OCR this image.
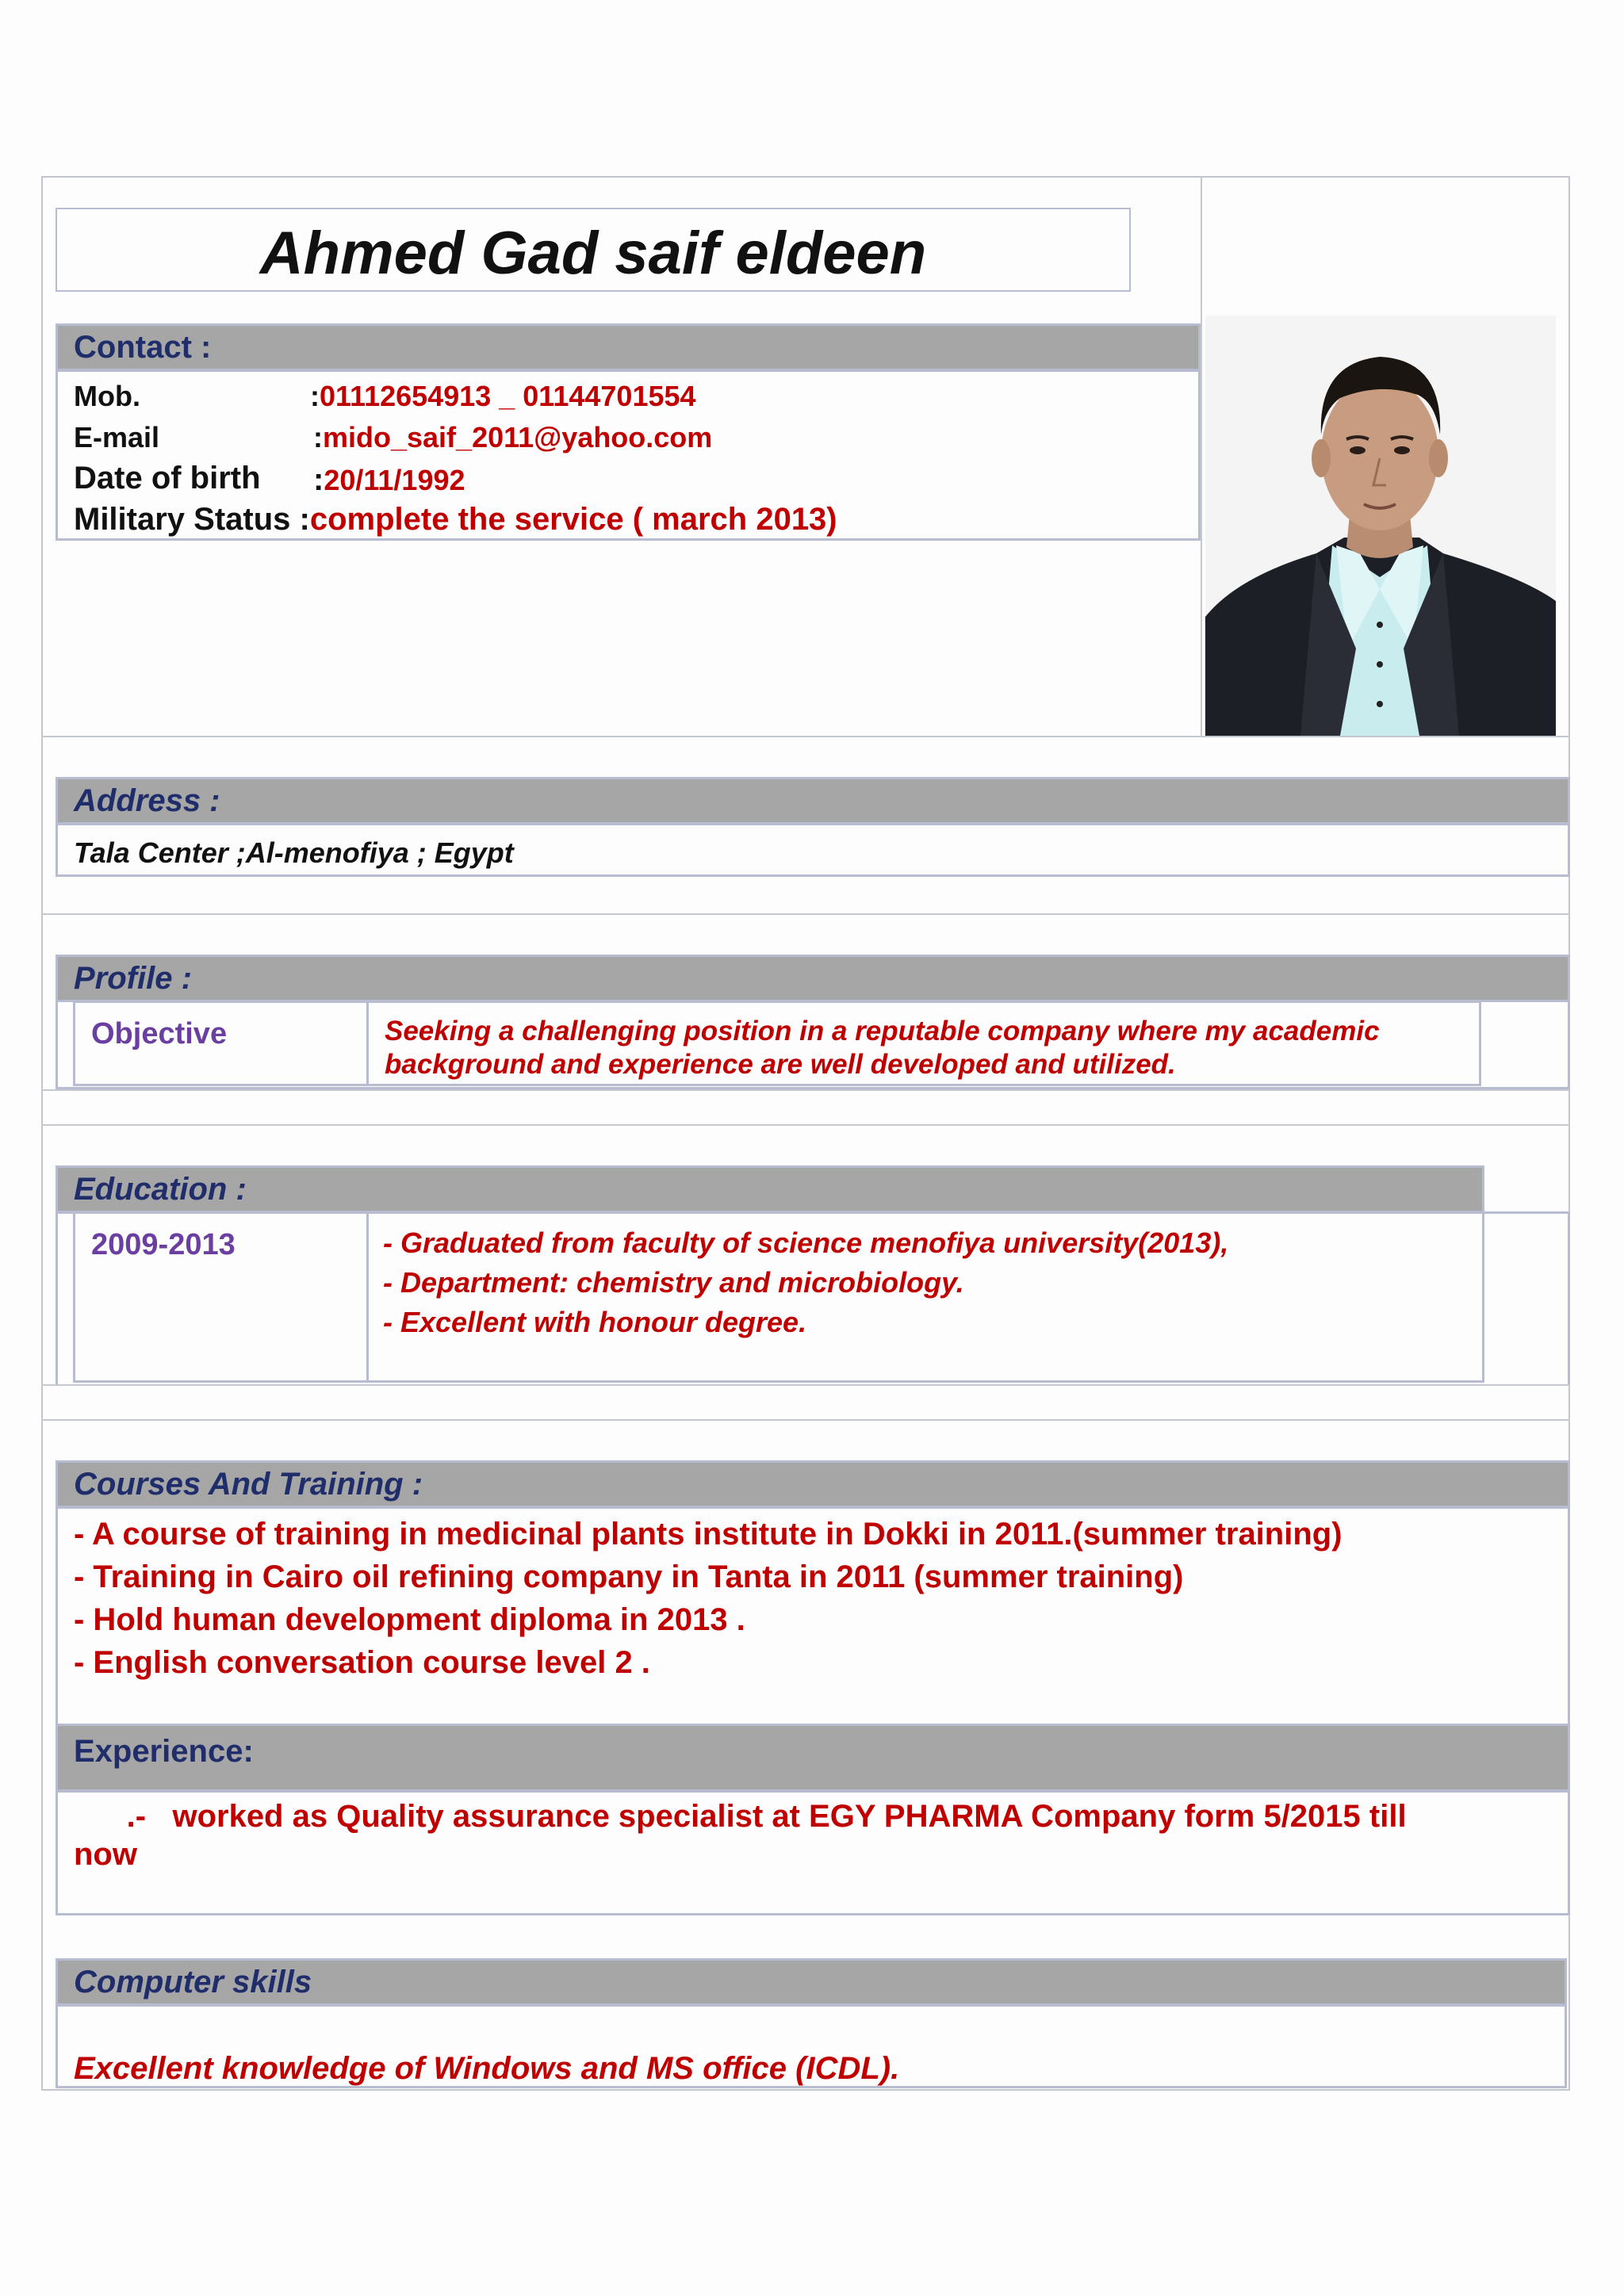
Ahmed Gad saif eldeen
Contact :
Mob.	:01112654913 _ 01144701554
E-mail	:mido_saif_2011@yahoo.com
Date of birth :20/11/1992
Military Status :complete the service ( march 2013)
Address :
Tala Center ;Al-menofiya ; Egypt
Profile :
Objective	Seeking a challenging position in a reputable company where my academic
background and experience are well developed and utilized.
Education :
2009-2013	- Graduated from faculty of science menofiya university(2013),
- Department: chemistry and microbiology.
- Excellent with honour degree.
Courses And Training :
- A course of training in medicinal plants institute in Dokki in 2011.(summer training)
- Training in Cairo oil refining company in Tanta in 2011 (summer training)
- Hold human development diploma in 2013 .
- English conversation course level 2 .
Experience:
.-   worked as Quality assurance specialist at EGY PHARMA Company form 5/2015 till
now
Computer skills
Excellent knowledge of Windows and MS office (ICDL).
